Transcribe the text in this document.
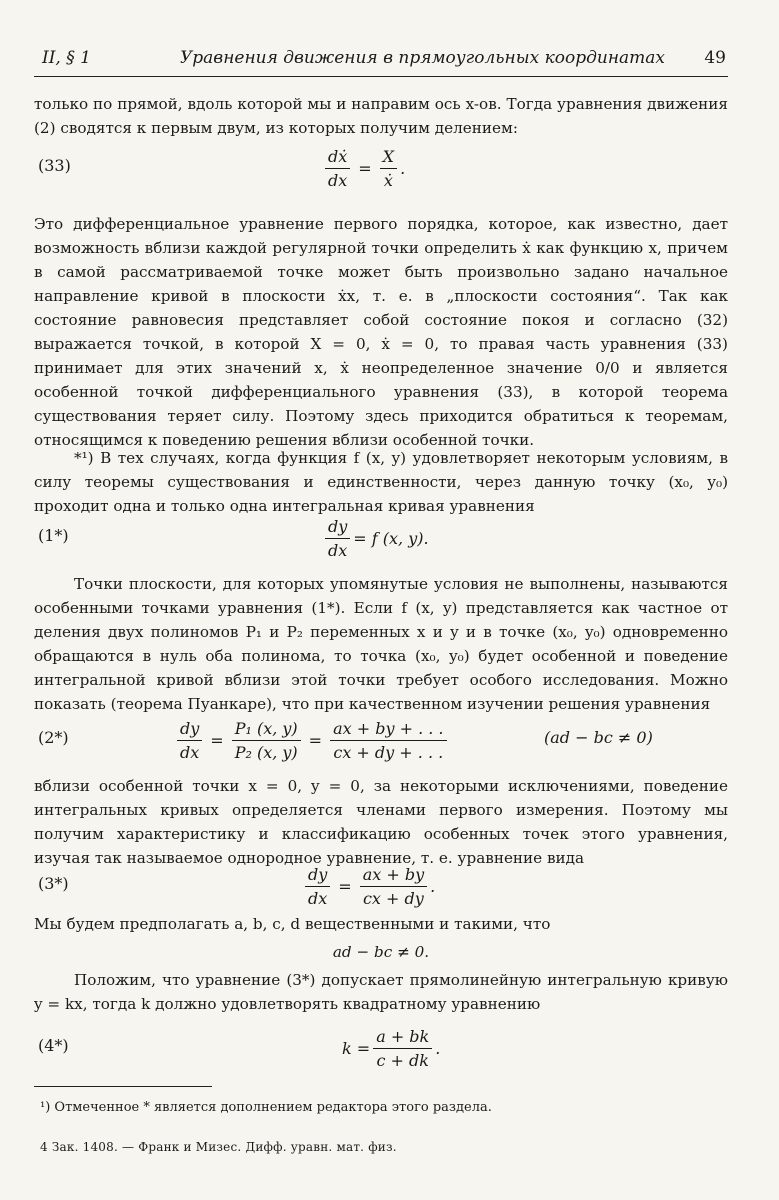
II, § 1	Уравнения движения в прямоугольных координатах 49

только по прямой, вдоль которой мы и направим ось x-ов. Тогда уравнения движения (2) сводятся к первым двум, из которых получим делением:

(33)	$\frac{\text{dẋ}}{dx} = \frac{X}{\text{ẋ}}$ .

Это дифференциальное уравнение первого порядка, которое, как известно, дает возможность вблизи каждой регулярной точки определить ẋ как функцию x, причем в самой рассматриваемой точке может быть произвольно задано начальное направление кривой в плоскости ẋx, т. е. в „плоскости состояния“. Так как состояние равновесия представляет собой состояние покоя и согласно (32) выражается точкой, в которой X = 0, ẋ = 0, то правая часть уравнения (33) принимает для этих значений x, ẋ неопределенное значение 0/0 и является особенной точкой дифференциального уравнения (33), в которой теорема существования теряет силу. Поэтому здесь приходится обратиться к теоремам, относящимся к поведению решения вблизи особенной точки.

*¹) В тех случаях, когда функция f (x, y) удовлетворяет некоторым условиям, в силу теоремы существования и единственности, через данную точку (x₀, y₀) проходит одна и только одна интегральная кривая уравнения

(1*)	$\frac{dy}{dx} = f$ (x, y).

Точки плоскости, для которых упомянутые условия не выполнены, называются особенными точками уравнения (1*). Если f (x, y) представляется как частное от деления двух полиномов P₁ и P₂ переменных x и y и в точке (x₀, y₀) одновременно обращаются в нуль оба полинома, то точка (x₀, y₀) будет особенной и поведение интегральной кривой вблизи этой точки требует особого исследования. Можно показать (теорема Пуанкаре), что при качественном изучении решения уравнения

(2*)	$\frac{dy}{dx} = \frac{\text{P₁ (x, y)}}{\text{P₂ (x, y)}} = \frac{ax + by + . . .}{cx + dy + . . .}$	(ad − bc ≠ 0)

вблизи особенной точки x = 0, y = 0, за некоторыми исключениями, поведение интегральных кривых определяется членами первого измерения. Поэтому мы получим характеристику и классификацию особенных точек этого уравнения, изучая так называемое однородное уравнение, т. е. уравнение вида

(3*)	$\frac{dy}{dx} = \frac{ax + by}{cx + dy}$ .

Мы будем предполагать a, b, c, d вещественными и такими, что

ad − bc ≠ 0.

Положим, что уравнение (3*) допускает прямолинейную интегральную кривую y = kx, тогда k должно удовлетворять квадратному уравнению

(4*)	$k = \frac{a + bk}{c + dk}$ .
¹) Отмеченное * является дополнением редактора этого раздела.
4 Зак. 1408. — Франк и Мизес. Дифф. уравн. мат. физ.
